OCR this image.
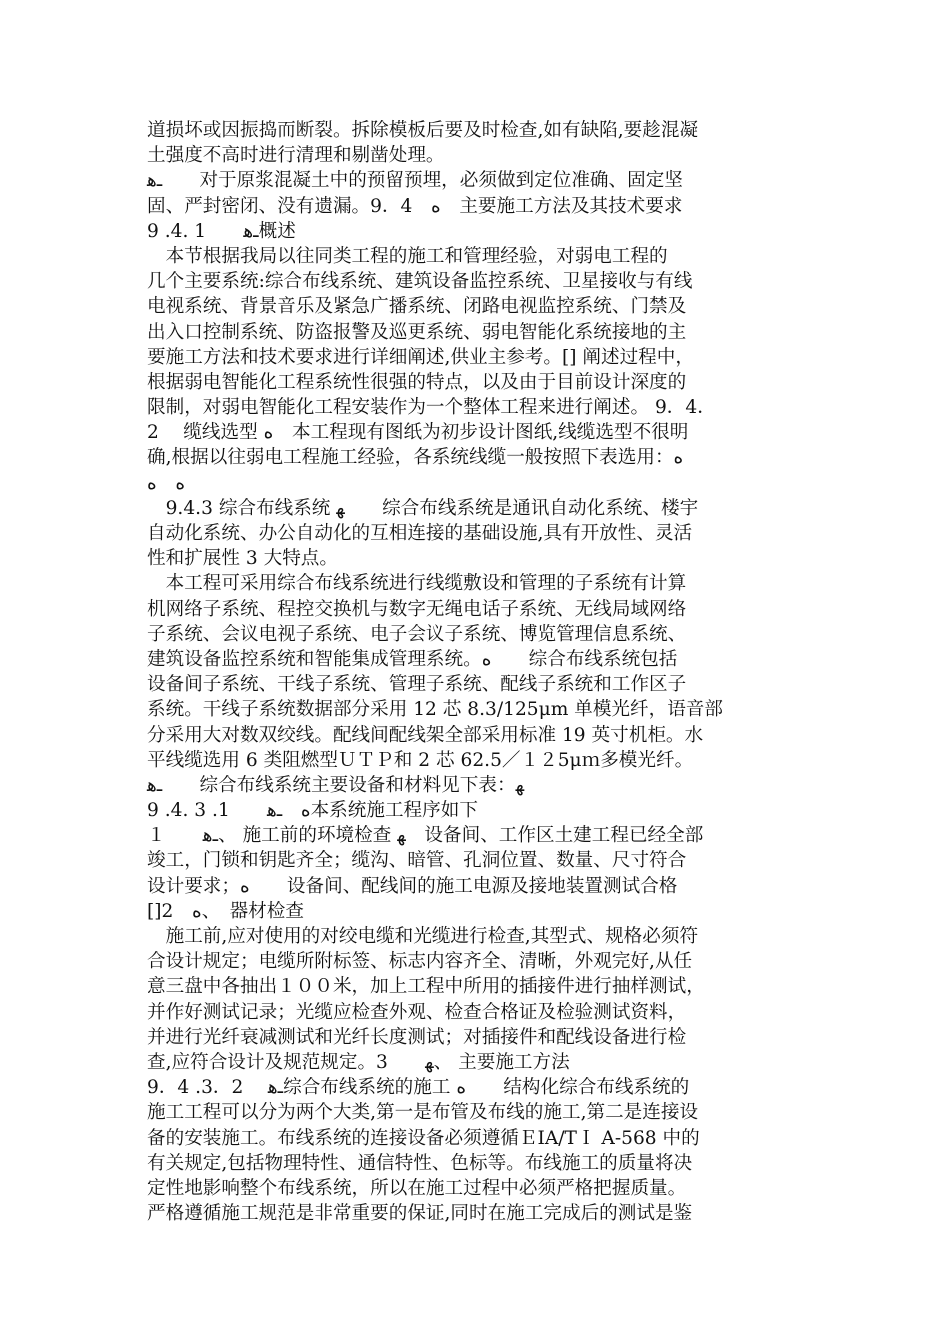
道损坏或因振捣而断裂。拆除模板后要及时检查,如有缺陷,要趁混凝
土强度不高时进行清理和剔凿处理。
ـﻫ　　对于原浆混凝土中的预留预埋，必须做到定位准确、固定坚
固、严封密闭、没有遗漏。9．4　ﻩ　主要施工方法及其技术要求
9 .4. 1　　ـﻫ概述
　本节根据我局以往同类工程的施工和管理经验，对弱电工程的
几个主要系统:综合布线系统、建筑设备监控系统、卫星接收与有线
电视系统、背景音乐及紧急广播系统、闭路电视监控系统、门禁及
出入口控制系统、防盗报警及巡更系统、弱电智能化系统接地的主
要施工方法和技术要求进行详细阐述,供业主参考。[] 阐述过程中，
根据弱电智能化工程系统性很强的特点，以及由于目前设计深度的
限制，对弱电智能化工程安装作为一个整体工程来进行阐述。 9．4．
2　 缆线选型 ﻩ　本工程现有图纸为初步设计图纸,线缆选型不很明
确,根据以往弱电工程施工经验，各系统线缆一般按照下表选用：ﻩ
ﻩ　ﻩ
　9.4.3 综合布线系统 ﻬ　　综合布线系统是通讯自动化系统、楼宇
自动化系统、办公自动化的互相连接的基础设施,具有开放性、灵活
性和扩展性 3 大特点。
　本工程可采用综合布线系统进行线缆敷设和管理的子系统有计算
机网络子系统、程控交换机与数字无绳电话子系统、无线局域网络
子系统、会议电视子系统、电子会议子系统、博览管理信息系统、
建筑设备监控系统和智能集成管理系统。ﻩ　　综合布线系统包括
设备间子系统、干线子系统、管理子系统、配线子系统和工作区子
系统。干线子系统数据部分采用 12 芯 8.3/125μm 单模光纤，语音部
分采用大对数双绞线。配线间配线架全部采用标准 19 英寸机柜。水
平线缆选用 6 类阻燃型ＵＴＰ和 2 芯 62.5／１２5μｍ多模光纤。
ـﻫ　　综合布线系统主要设备和材料见下表：ﻬ
9 .4. 3 .1　　ﻩ　ـﻫ本系统施工程序如下
１　　ـﻫ、 施工前的环境检查 ﻬ　设备间、工作区土建工程已经全部
竣工，门锁和钥匙齐全；缆沟、暗管、孔洞位置、数量、尺寸符合
设计要求；ﻩ　　设备间、配线间的施工电源及接地装置测试合格
[]2　ﻩ、　器材检查
　施工前,应对使用的对绞电缆和光缆进行检查,其型式、规格必须符
合设计规定；电缆所附标签、标志内容齐全、清晰，外观完好,从任
意三盘中各抽出１００米，加上工程中所用的插接件进行抽样测试，
并作好测试记录；光缆应检查外观、检查合格证及检验测试资料，
并进行光纤衰减测试和光纤长度测试；对插接件和配线设备进行检
查,应符合设计及规范规定。3　　ﻬ、 主要施工方法
9．4 .3．2　 ـﻫ综合布线系统的施工 ﻩ　　结构化综合布线系统的
施工工程可以分为两个大类,第一是布管及布线的施工,第二是连接设
备的安装施工。布线系统的连接设备必须遵循ＥIA/TＩ A-568 中的
有关规定,包括物理特性、通信特性、色标等。布线施工的质量将决
定性地影响整个布线系统，所以在施工过程中必须严格把握质量。
严格遵循施工规范是非常重要的保证,同时在施工完成后的测试是鉴
